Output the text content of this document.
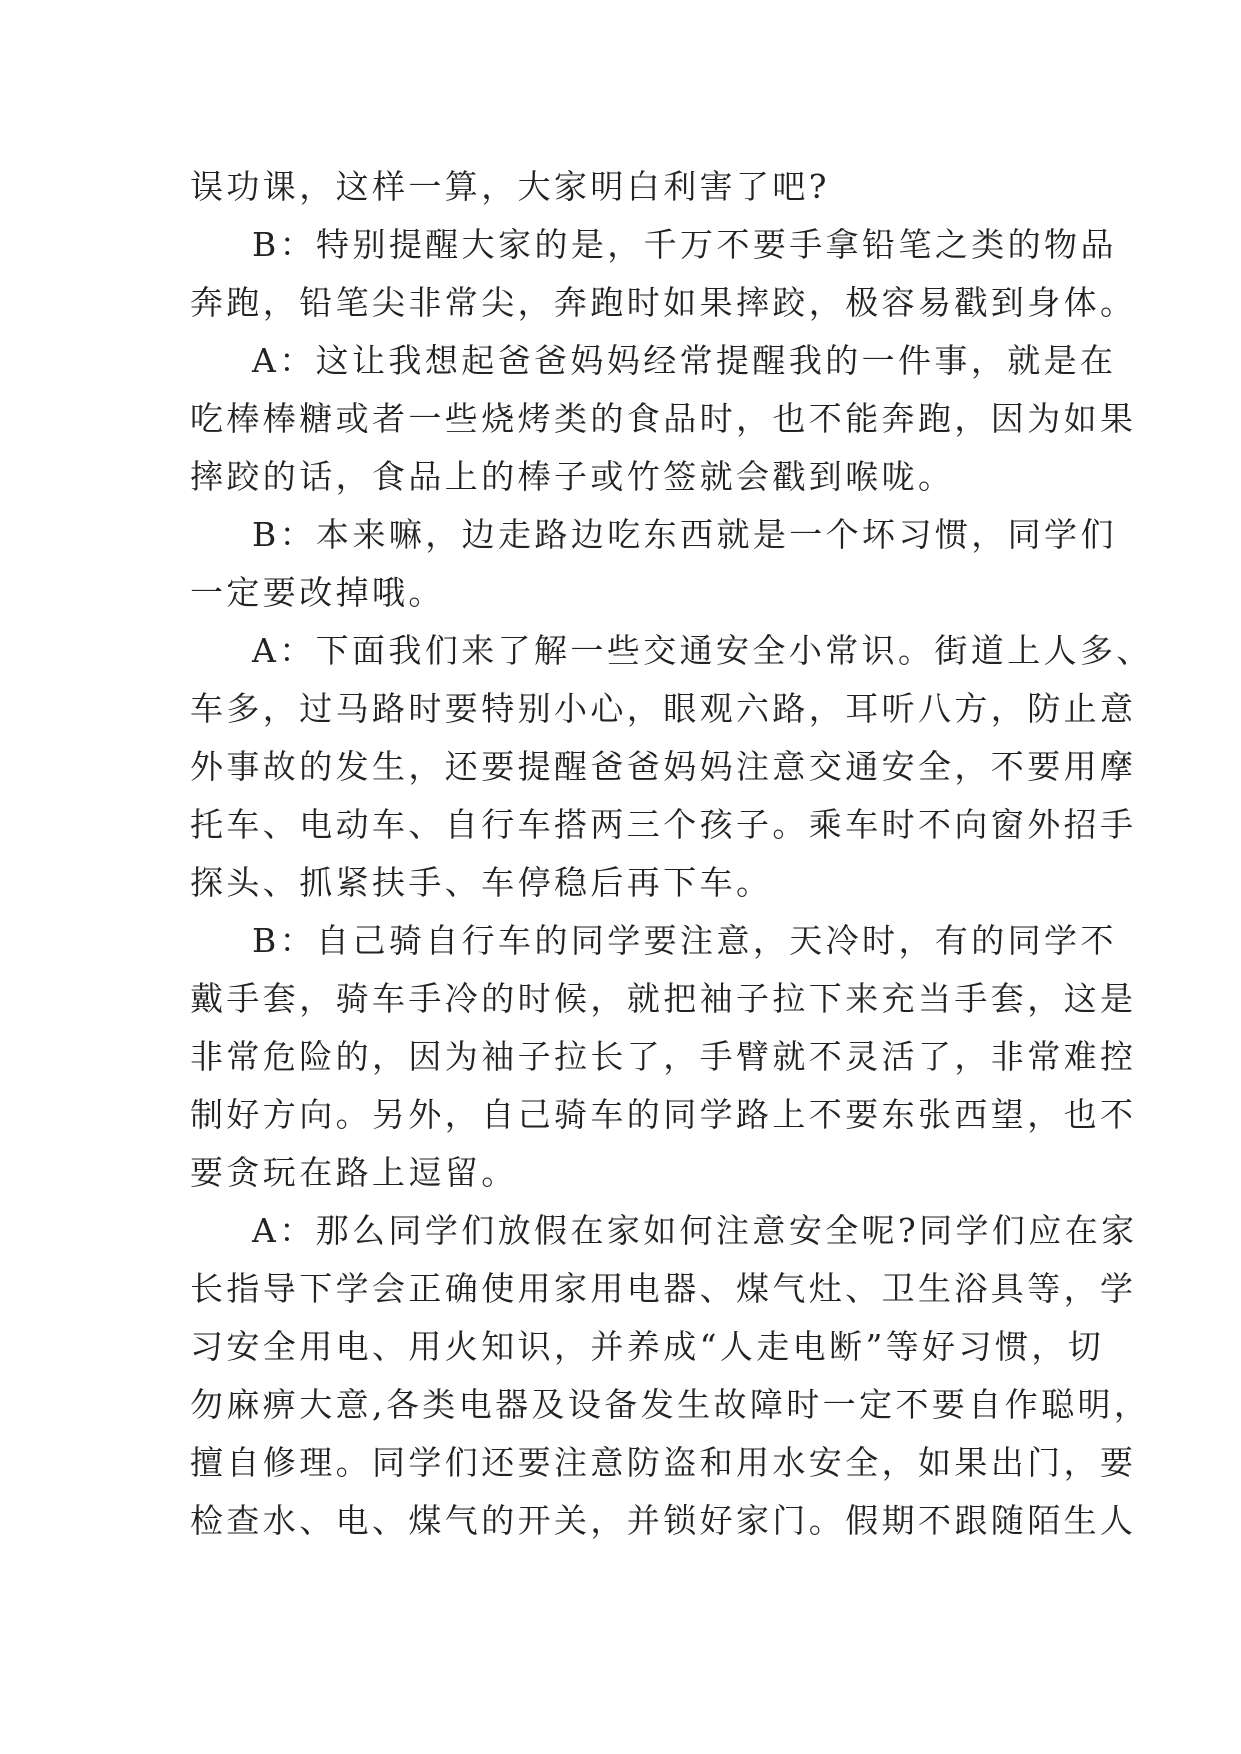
误功课，这样一算，大家明白利害了吧?
B：特别提醒大家的是，千万不要手拿铅笔之类的物品
奔跑，铅笔尖非常尖，奔跑时如果摔跤，极容易戳到身体。
A：这让我想起爸爸妈妈经常提醒我的一件事，就是在
吃棒棒糖或者一些烧烤类的食品时，也不能奔跑，因为如果
摔跤的话，食品上的棒子或竹签就会戳到喉咙。
B：本来嘛，边走路边吃东西就是一个坏习惯，同学们
一定要改掉哦。
A：下面我们来了解一些交通安全小常识。街道上人多、
车多，过马路时要特别小心，眼观六路，耳听八方，防止意
外事故的发生，还要提醒爸爸妈妈注意交通安全，不要用摩
托车、电动车、自行车搭两三个孩子。乘车时不向窗外招手
探头、抓紧扶手、车停稳后再下车。
B：自己骑自行车的同学要注意，天冷时，有的同学不
戴手套，骑车手冷的时候，就把袖子拉下来充当手套，这是
非常危险的，因为袖子拉长了，手臂就不灵活了，非常难控
制好方向。另外，自己骑车的同学路上不要东张西望，也不
要贪玩在路上逗留。
A：那么同学们放假在家如何注意安全呢?同学们应在家
长指导下学会正确使用家用电器、煤气灶、卫生浴具等，学
习安全用电、用火知识，并养成“人走电断”等好习惯，切
勿麻痹大意,各类电器及设备发生故障时一定不要自作聪明，
擅自修理。同学们还要注意防盗和用水安全，如果出门，要
检查水、电、煤气的开关，并锁好家门。假期不跟随陌生人
